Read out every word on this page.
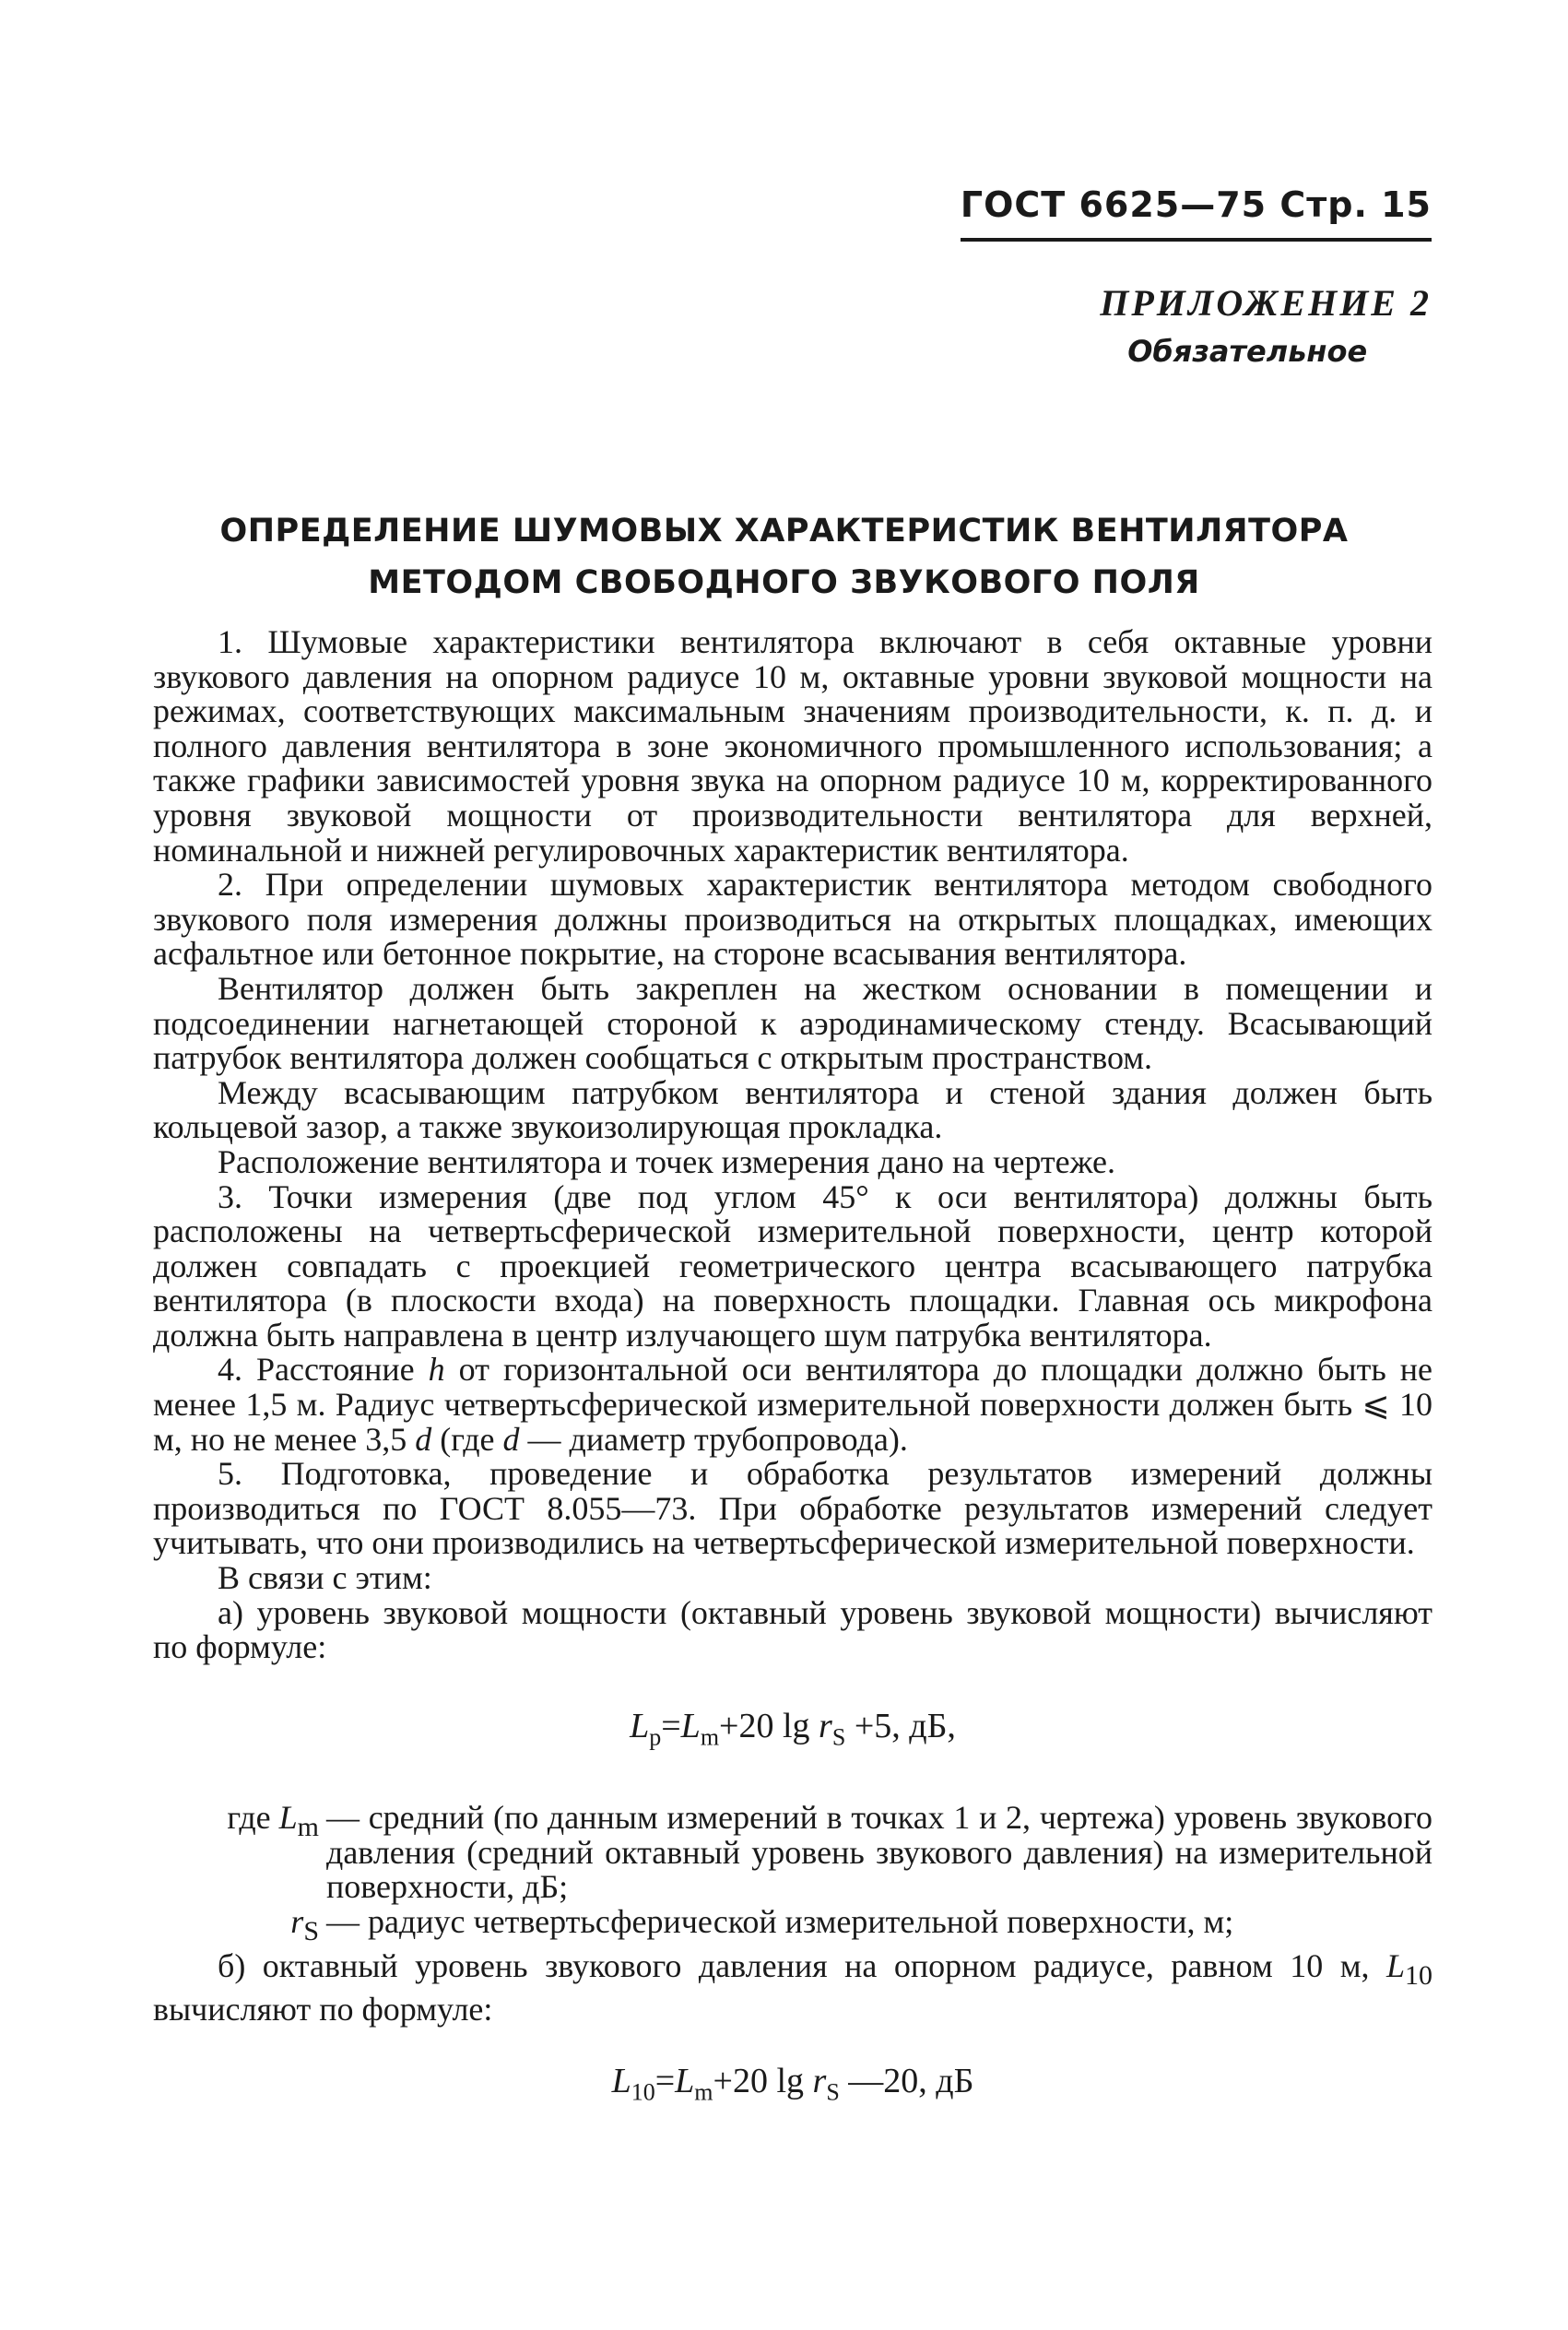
ГОСТ 6625—75 Стр. 15
ПРИЛОЖЕНИЕ 2
Обязательное
ОПРЕДЕЛЕНИЕ ШУМОВЫХ ХАРАКТЕРИСТИК ВЕНТИЛЯТОРА
МЕТОДОМ СВОБОДНОГО ЗВУКОВОГО ПОЛЯ

1. Шумовые характеристики вентилятора включают в себя октавные уровни звукового давления на опорном радиусе 10 м, октавные уровни звуковой мощности на режимах, соответствующих максимальным значениям производительности, к. п. д. и полного давления вентилятора в зоне экономичного промышленного использования; а также графики зависимостей уровня звука на опорном радиусе 10 м, корректированного уровня звуковой мощности от производительности вентилятора для верхней, номинальной и нижней регулировочных характеристик вентилятора.

2. При определении шумовых характеристик вентилятора методом свободного звукового поля измерения должны производиться на открытых площадках, имеющих асфальтное или бетонное покрытие, на стороне всасывания вентилятора.

Вентилятор должен быть закреплен на жестком основании в помещении и подсоединении нагнетающей стороной к аэродинамическому стенду. Всасывающий патрубок вентилятора должен сообщаться с открытым пространством.

Между всасывающим патрубком вентилятора и стеной здания должен быть кольцевой зазор, а также звукоизолирующая прокладка.

Расположение вентилятора и точек измерения дано на чертеже.

3. Точки измерения (две под углом 45° к оси вентилятора) должны быть расположены на четвертьсферической измерительной поверхности, центр которой должен совпадать с проекцией геометрического центра всасывающего патрубка вентилятора (в плоскости входа) на поверхность площадки. Главная ось микрофона должна быть направлена в центр излучающего шум патрубка вентилятора.

4. Расстояние h от горизонтальной оси вентилятора до площадки должно быть не менее 1,5 м. Радиус четвертьсферической измерительной поверхности должен быть ⩽ 10 м, но не менее 3,5 d (где d — диаметр трубопровода).

5. Подготовка, проведение и обработка результатов измерений должны производиться по ГОСТ 8.055—73. При обработке результатов измерений следует учитывать, что они производились на четвертьсферической измерительной поверхности.

В связи с этим:

а) уровень звуковой мощности (октавный уровень звуковой мощности) вычисляют по формуле:

$L_р=L_m+20$ $\lg r_S +5$, дБ,
где $L_m$ — средний (по данным измерений в точках 1 и 2, чертежа) уровень звукового давления (средний октавный уровень звукового давления) на измерительной поверхности, дБ;
$r_S$ — радиус четвертьсферической измерительной поверхности, м;

б) октавный уровень звукового давления на опорном радиусе, равном 10 м, $L_{10}$ вычисляют по формуле:

$L_{10}=L_m+20$ $\lg r_S$ —20, дБ
